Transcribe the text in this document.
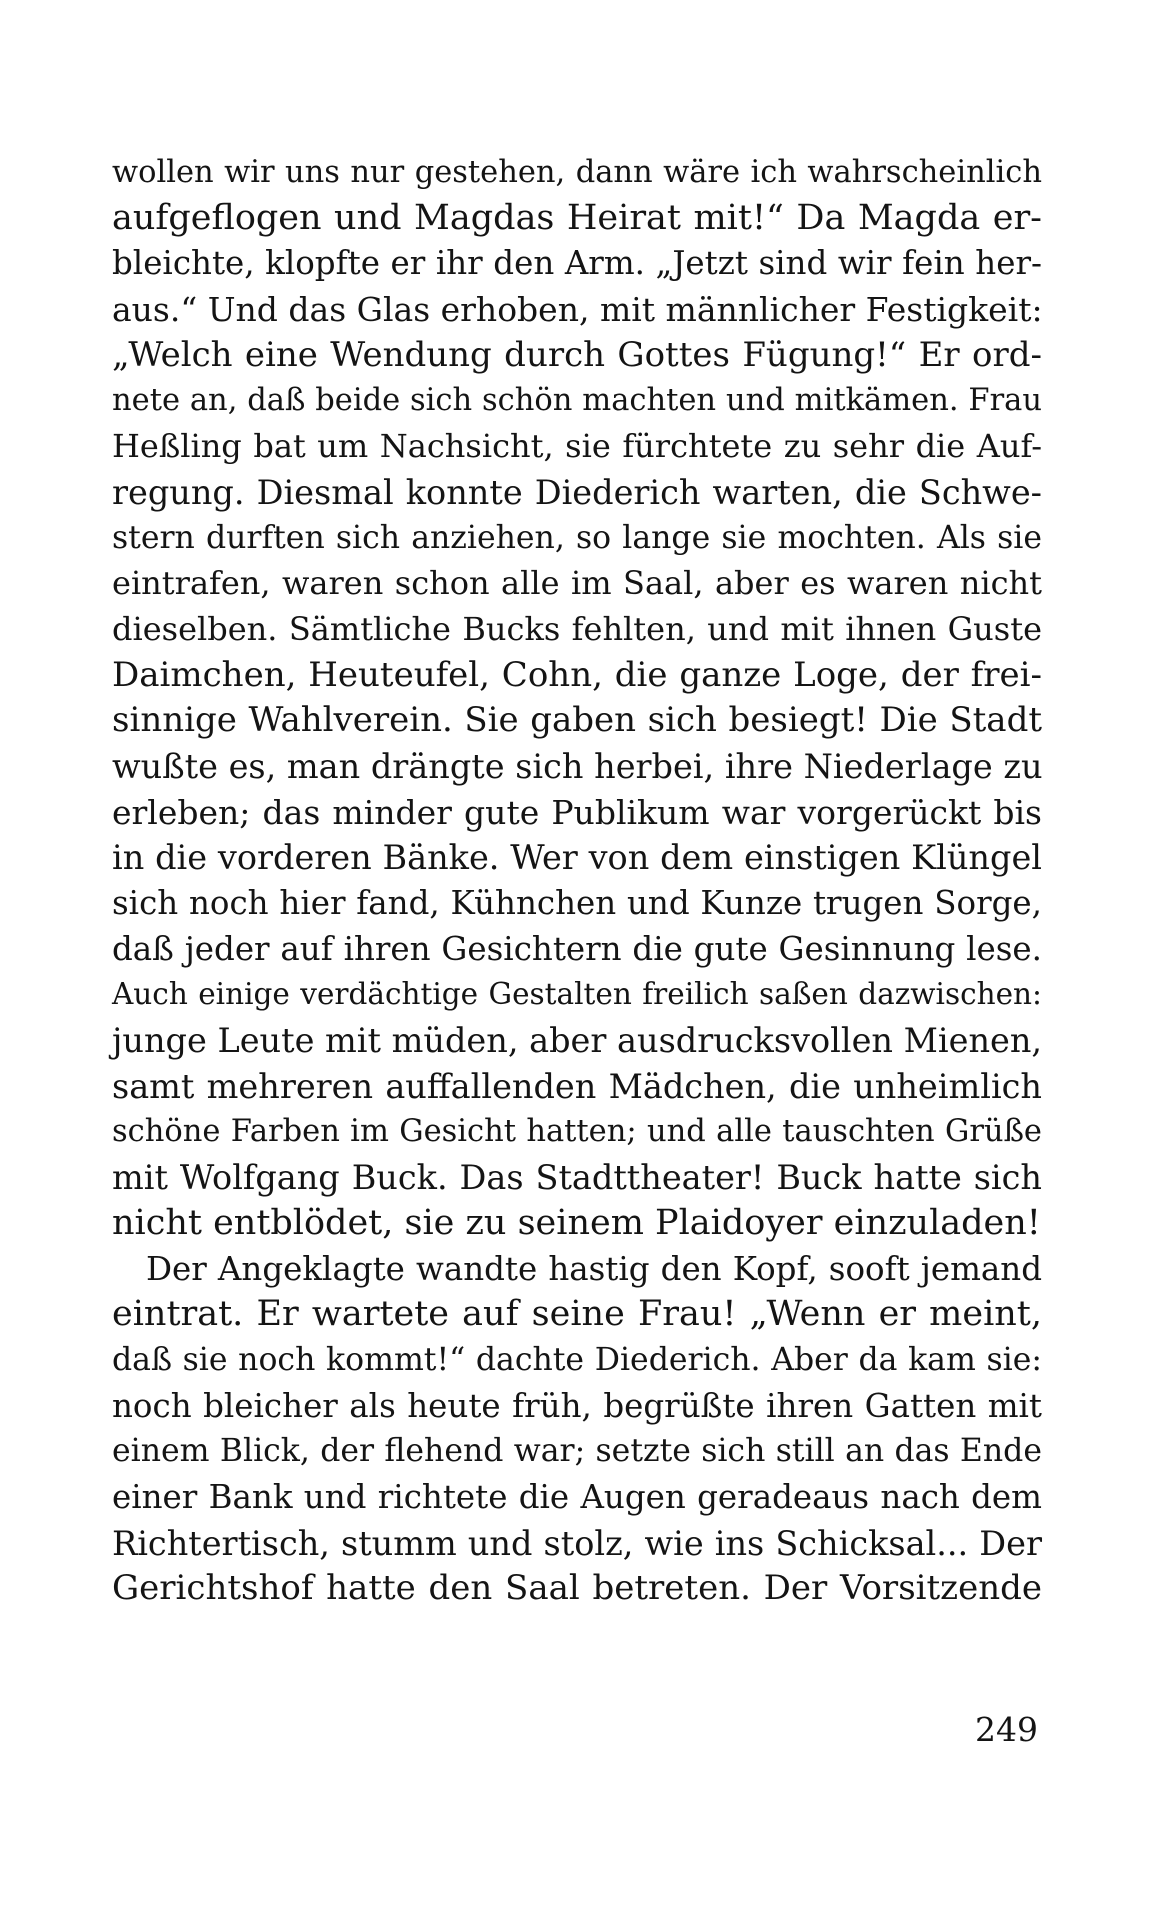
wollen wir uns nur gestehen, dann wäre ich wahrscheinlich
aufgeflogen und Magdas Heirat mit!“ Da Magda er-
bleichte, klopfte er ihr den Arm. „Jetzt sind wir fein her-
aus.“ Und das Glas erhoben, mit männlicher Festigkeit:
„Welch eine Wendung durch Gottes Fügung!“ Er ord-
nete an, daß beide sich schön machten und mitkämen. Frau
Heßling bat um Nachsicht, sie fürchtete zu sehr die Auf-
regung. Diesmal konnte Diederich warten, die Schwe-
stern durften sich anziehen, so lange sie mochten. Als sie
eintrafen, waren schon alle im Saal, aber es waren nicht
dieselben. Sämtliche Bucks fehlten, und mit ihnen Guste
Daimchen, Heuteufel, Cohn, die ganze Loge, der frei-
sinnige Wahlverein. Sie gaben sich besiegt! Die Stadt
wußte es, man drängte sich herbei, ihre Niederlage zu
erleben; das minder gute Publikum war vorgerückt bis
in die vorderen Bänke. Wer von dem einstigen Klüngel
sich noch hier fand, Kühnchen und Kunze trugen Sorge,
daß jeder auf ihren Gesichtern die gute Gesinnung lese.
Auch einige verdächtige Gestalten freilich saßen dazwischen:
junge Leute mit müden, aber ausdrucksvollen Mienen,
samt mehreren auffallenden Mädchen, die unheimlich
schöne Farben im Gesicht hatten; und alle tauschten Grüße
mit Wolfgang Buck. Das Stadttheater! Buck hatte sich
nicht entblödet, sie zu seinem Plaidoyer einzuladen!
Der Angeklagte wandte hastig den Kopf, sooft jemand
eintrat. Er wartete auf seine Frau! „Wenn er meint,
daß sie noch kommt!“ dachte Diederich. Aber da kam sie:
noch bleicher als heute früh, begrüßte ihren Gatten mit
einem Blick, der flehend war; setzte sich still an das Ende
einer Bank und richtete die Augen geradeaus nach dem
Richtertisch, stumm und stolz, wie ins Schicksal... Der
Gerichtshof hatte den Saal betreten. Der Vorsitzende
249
